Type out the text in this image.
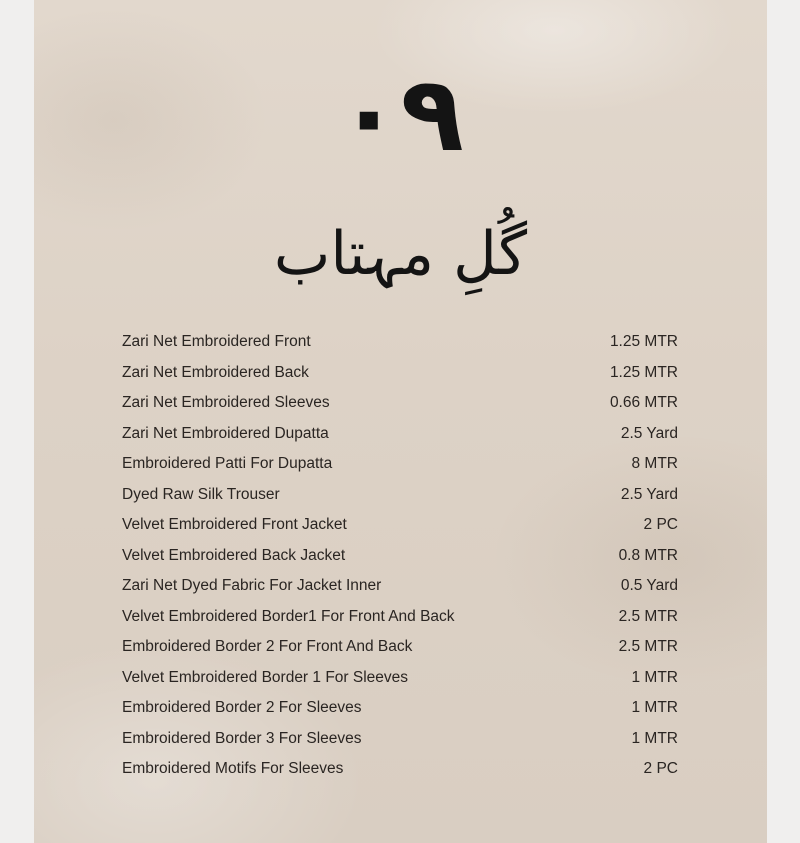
۰۹
گُلِ مہتاب
Zari Net Embroidered Front	1.25 MTR
Zari Net Embroidered Back	1.25 MTR
Zari Net Embroidered Sleeves	0.66 MTR
Zari Net Embroidered Dupatta	2.5 Yard
Embroidered Patti For Dupatta	8 MTR
Dyed Raw Silk Trouser	2.5 Yard
Velvet Embroidered Front Jacket	2 PC
Velvet Embroidered Back Jacket	0.8 MTR
Zari Net Dyed Fabric For Jacket Inner	0.5 Yard
Velvet Embroidered Border1 For Front And Back	2.5 MTR
Embroidered Border 2 For Front And Back	2.5 MTR
Velvet Embroidered Border 1 For Sleeves	1 MTR
Embroidered Border 2 For Sleeves	1 MTR
Embroidered Border 3 For Sleeves	1 MTR
Embroidered Motifs For Sleeves	2 PC
